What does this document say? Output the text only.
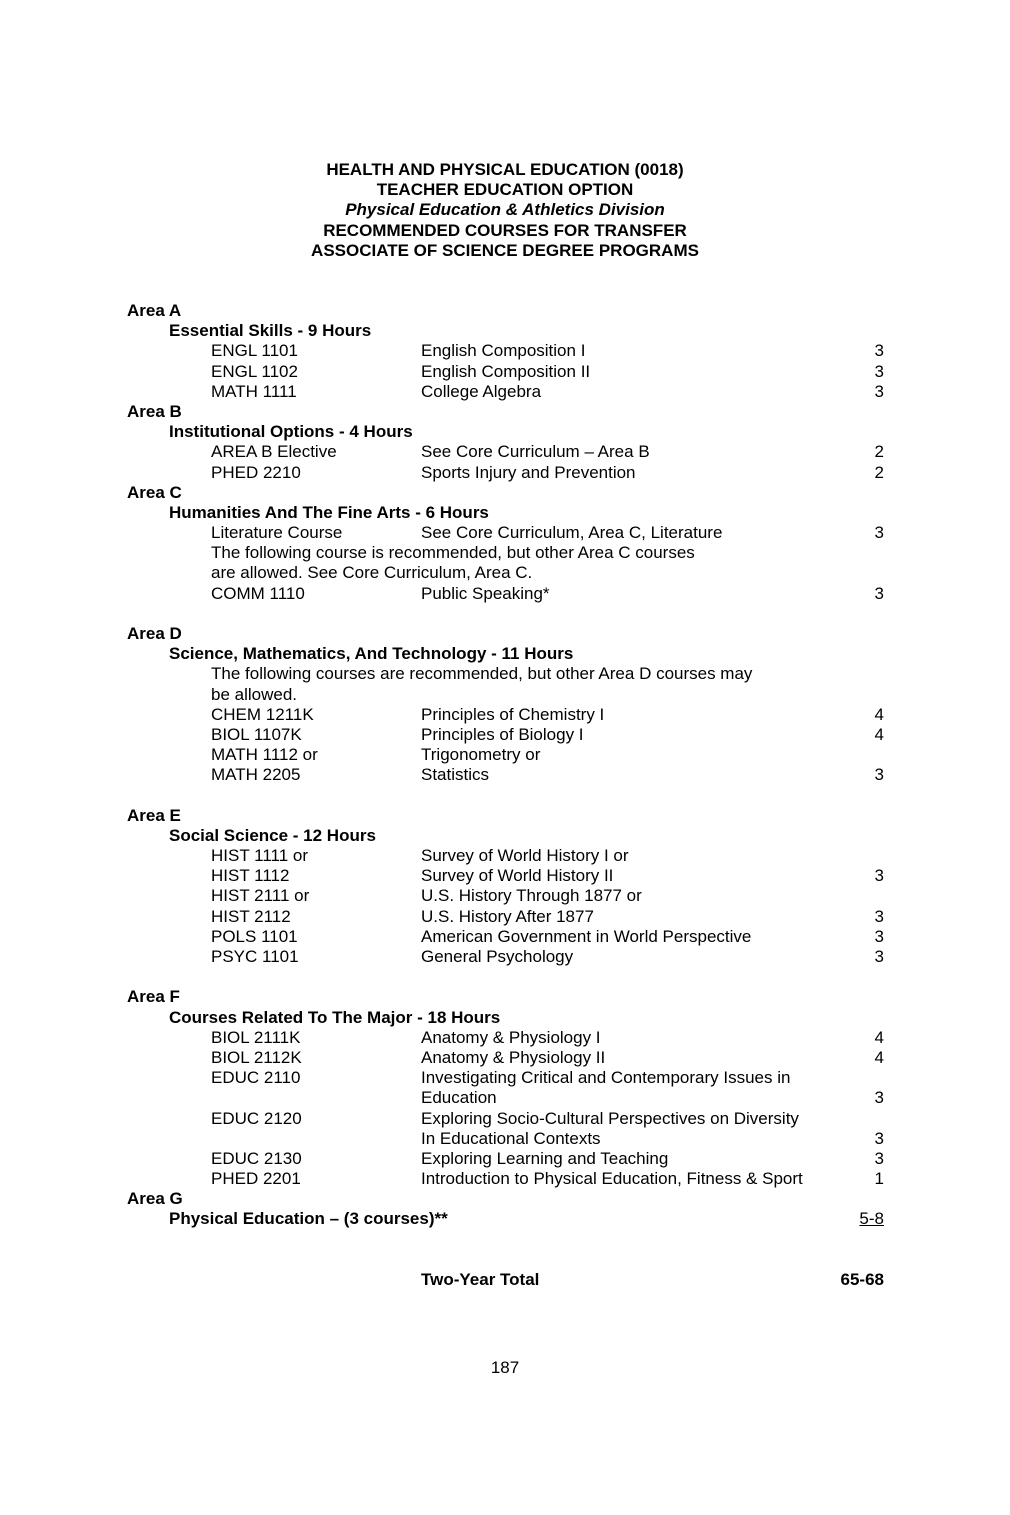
HEALTH AND PHYSICAL EDUCATION (0018)
TEACHER EDUCATION OPTION
Physical Education & Athletics Division
RECOMMENDED COURSES FOR TRANSFER
ASSOCIATE OF SCIENCE DEGREE PROGRAMS
Area A
Essential Skills - 9 Hours
ENGL 1101	English Composition I	3
ENGL 1102	English Composition II	3
MATH 1111	College Algebra	3
Area B
Institutional Options - 4 Hours
AREA B Elective	See Core Curriculum – Area B	2
PHED 2210	Sports Injury and Prevention	2
Area C
Humanities And The Fine Arts - 6 Hours
Literature Course	See Core Curriculum, Area C, Literature	3
The following course is recommended, but other Area C courses
are allowed. See Core Curriculum, Area C.
COMM 1110	Public Speaking*	3
Area D
Science, Mathematics, And Technology - 11 Hours
The following courses are recommended, but other Area D courses may
be allowed.
CHEM 1211K	Principles of Chemistry I	4
BIOL 1107K	Principles of Biology I	4
MATH 1112 or	Trigonometry or
MATH 2205	Statistics	3
Area E
Social Science - 12 Hours
HIST 1111 or	Survey of World History I or
HIST 1112	Survey of World History II	3
HIST 2111 or	U.S. History Through 1877 or
HIST 2112	U.S. History After 1877	3
POLS 1101	American Government in World Perspective	3
PSYC 1101	General Psychology	3
Area F
Courses Related To The Major - 18 Hours
BIOL 2111K	Anatomy & Physiology I	4
BIOL 2112K	Anatomy & Physiology II	4
EDUC 2110	Investigating Critical and Contemporary Issues in
Education	3
EDUC 2120	Exploring Socio-Cultural Perspectives on Diversity
In Educational Contexts	3
EDUC 2130	Exploring Learning and Teaching	3
PHED 2201	Introduction to Physical Education, Fitness & Sport	1
Area G
Physical Education – (3 courses)**	5-8
Two-Year Total	65-68
187
